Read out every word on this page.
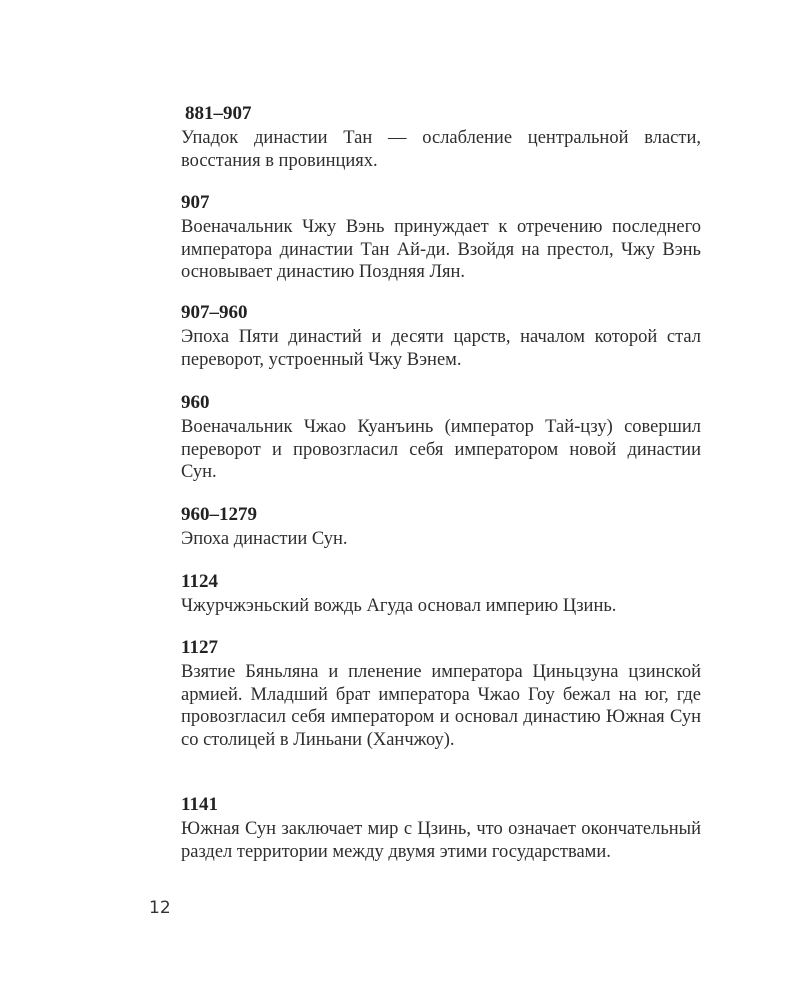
881–907

Упадок династии Тан — ослабление центральной власти, восстания в провинциях.

907

Военачальник Чжу Вэнь принуждает к отречению последнего императора династии Тан Ай-ди. Взойдя на престол, Чжу Вэнь основывает династию Поздняя Лян.

907–960

Эпоха Пяти династий и десяти царств, началом которой стал переворот, устроенный Чжу Вэнем.

960

Военачальник Чжао Куанъинь (император Тай-цзу) совершил переворот и провозгласил себя императором новой династии Сун.

960–1279

Эпоха династии Сун.

1124

Чжурчжэньский вождь Агуда основал империю Цзинь.

1127

Взятие Бяньляна и пленение императора Циньцзуна цзинской армией. Младший брат императора Чжао Гоу бежал на юг, где провозгласил себя императором и основал династию Южная Сун со столицей в Линьани (Ханчжоу).

1141

Южная Сун заключает мир с Цзинь, что означает окончательный раздел территории между двумя этими государствами.

12
